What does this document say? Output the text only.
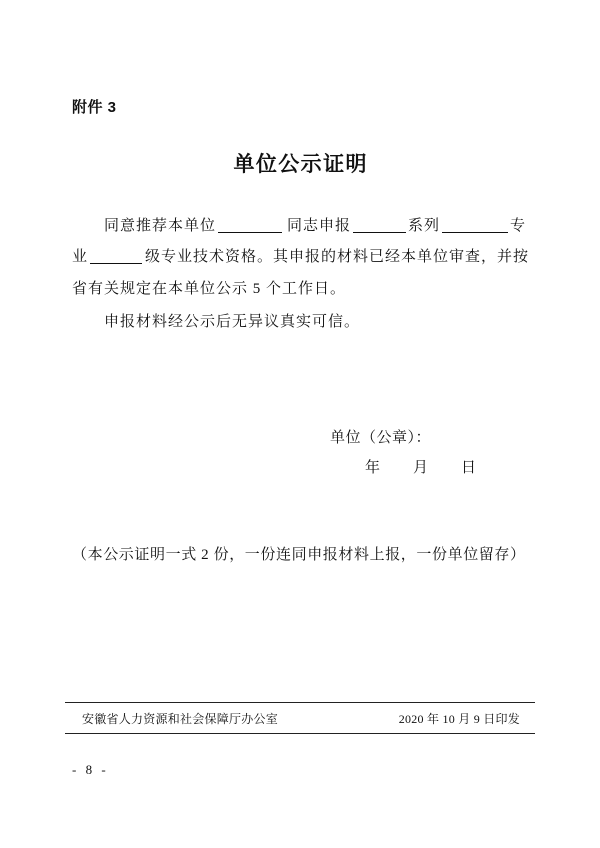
附件 3
单位公示证明
同意推荐本单位	同志申报	系列	专
业	级专业技术资格。其申报的材料已经本单位审查，并按
省有关规定在本单位公示 5 个工作日。
申报材料经公示后无异议真实可信。
单位（公章）：
年 月 日
（本公示证明一式 2 份，一份连同申报材料上报，一份单位留存）
安徽省人力资源和社会保障厅办公室	2020 年 10 月 9 日印发
- 8 -
